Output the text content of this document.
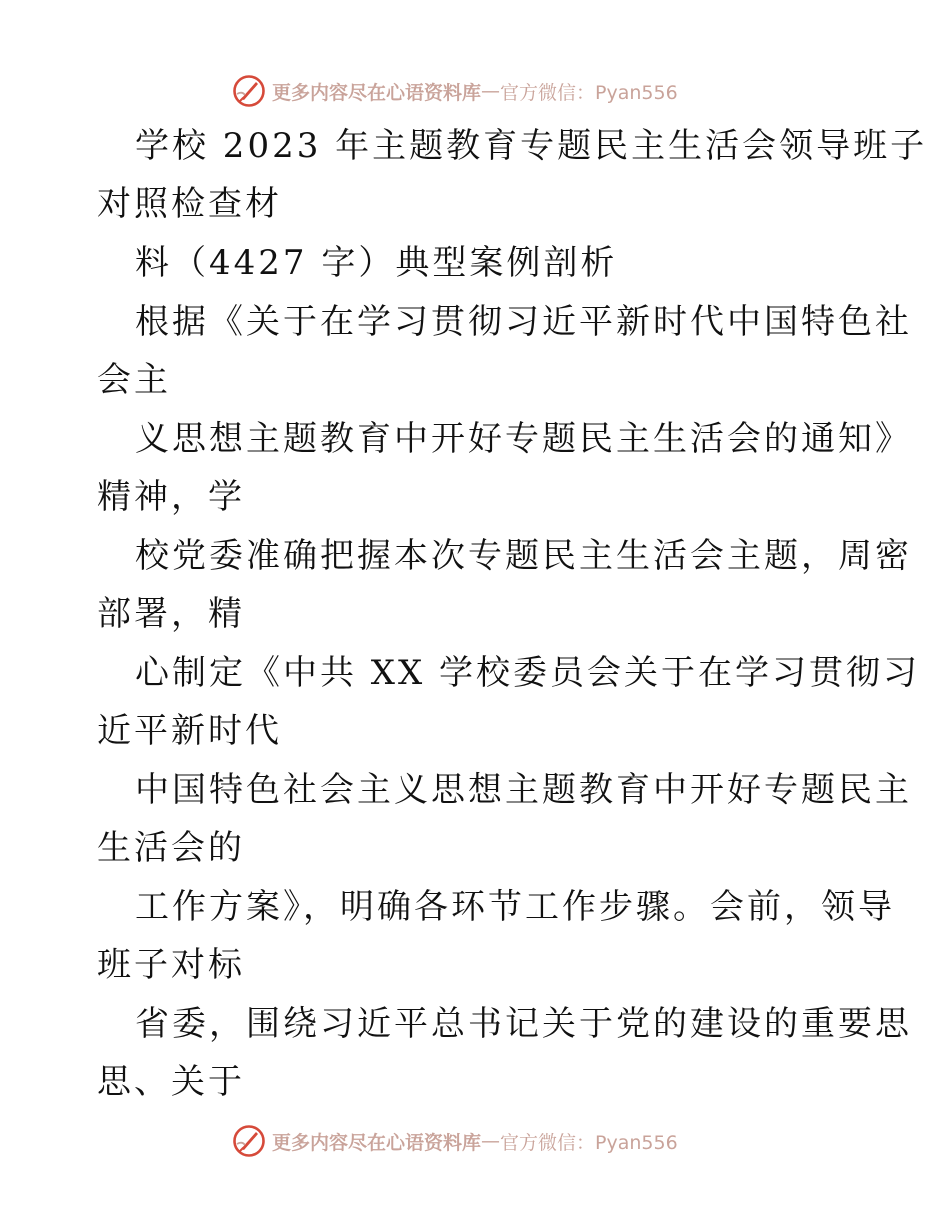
更多内容尽在心语资料库 — 官方微信：Pyan556
学校 2023 年主题教育专题民主生活会领导班子
对照检查材
料（4427 字）典型案例剖析
根据《关于在学习贯彻习近平新时代中国特色社
会主
义思想主题教育中开好专题民主生活会的通知》
精神，学
校党委准确把握本次专题民主生活会主题，周密
部署，精
心制定《中共 XX 学校委员会关于在学习贯彻习
近平新时代
中国特色社会主义思想主题教育中开好专题民主
生活会的
工作方案》，明确各环节工作步骤。会前，领导
班子对标
省委，围绕习近平总书记关于党的建设的重要思
思、关于
更多内容尽在心语资料库 — 官方微信：Pyan556
